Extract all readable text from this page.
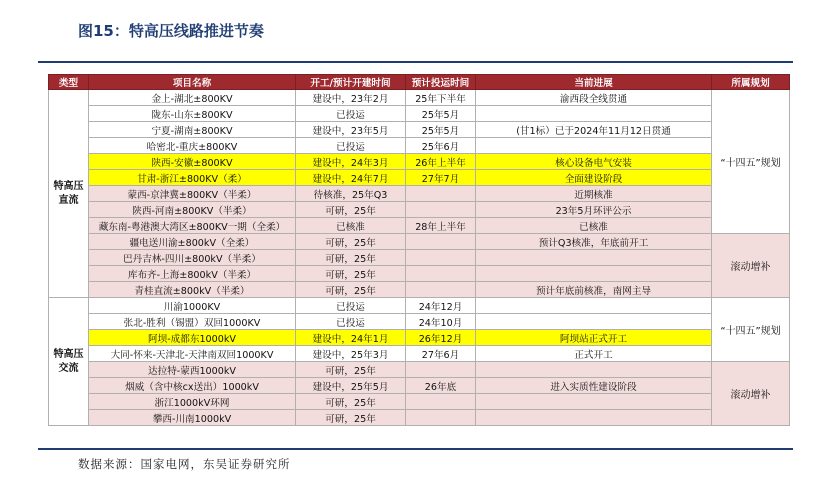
图15：特高压线路推进节奏
类型	项目名称	开工/预计开建时间	预计投运时间	当前进展	所属规划
特高压直流	金上-湖北±800KV	建设中，23年2月	25年下半年	渝西段全线贯通	“十四五”规划
	陇东-山东±800KV	已投运	25年5月		
	宁夏-湖南±800KV	建设中，23年5月	25年5月	(甘1标）已于2024年11月12日贯通	
	哈密北-重庆±800KV	已投运	25年6月		
	陕西-安徽±800KV	建设中，24年3月	26年上半年	核心设备电气安装	
	甘肃-浙江±800KV（柔）	建设中，24年7月	27年7月	全面建设阶段	
	蒙西-京津冀±800KV（半柔）	待核准，25年Q3		近期核准	
	陕西-河南±800KV（半柔）	可研，25年		23年5月环评公示	
	藏东南-粤港澳大湾区±800KV一期（全柔）	已核准	28年上半年	已核准	
	疆电送川渝±800kV（全柔）	可研，25年		预计Q3核准，年底前开工	滚动增补
	巴丹吉林-四川±800kV（半柔）	可研，25年			
	库布齐-上海±800kV（半柔）	可研，25年			
	青桂直流±800kV（半柔）	可研，25年		预计年底前核准，南网主导	
特高压交流	川渝1000KV	已投运	24年12月		“十四五”规划
	张北-胜利（锡盟）双回1000KV	已投运	24年10月		
	阿坝-成都东1000kV	建设中，24年1月	26年12月	阿坝站正式开工	
	大同-怀来-天津北-天津南双回1000KV	建设中，25年3月	27年6月	正式开工	
	达拉特-蒙西1000kV	可研，25年			滚动增补
	烟威（含中核cx送出）1000kV	建设中，25年5月	26年底	进入实质性建设阶段	
	浙江1000kV环网	可研，25年			
	攀西-川南1000kV	可研，25年			
数据来源：国家电网，东吴证券研究所
